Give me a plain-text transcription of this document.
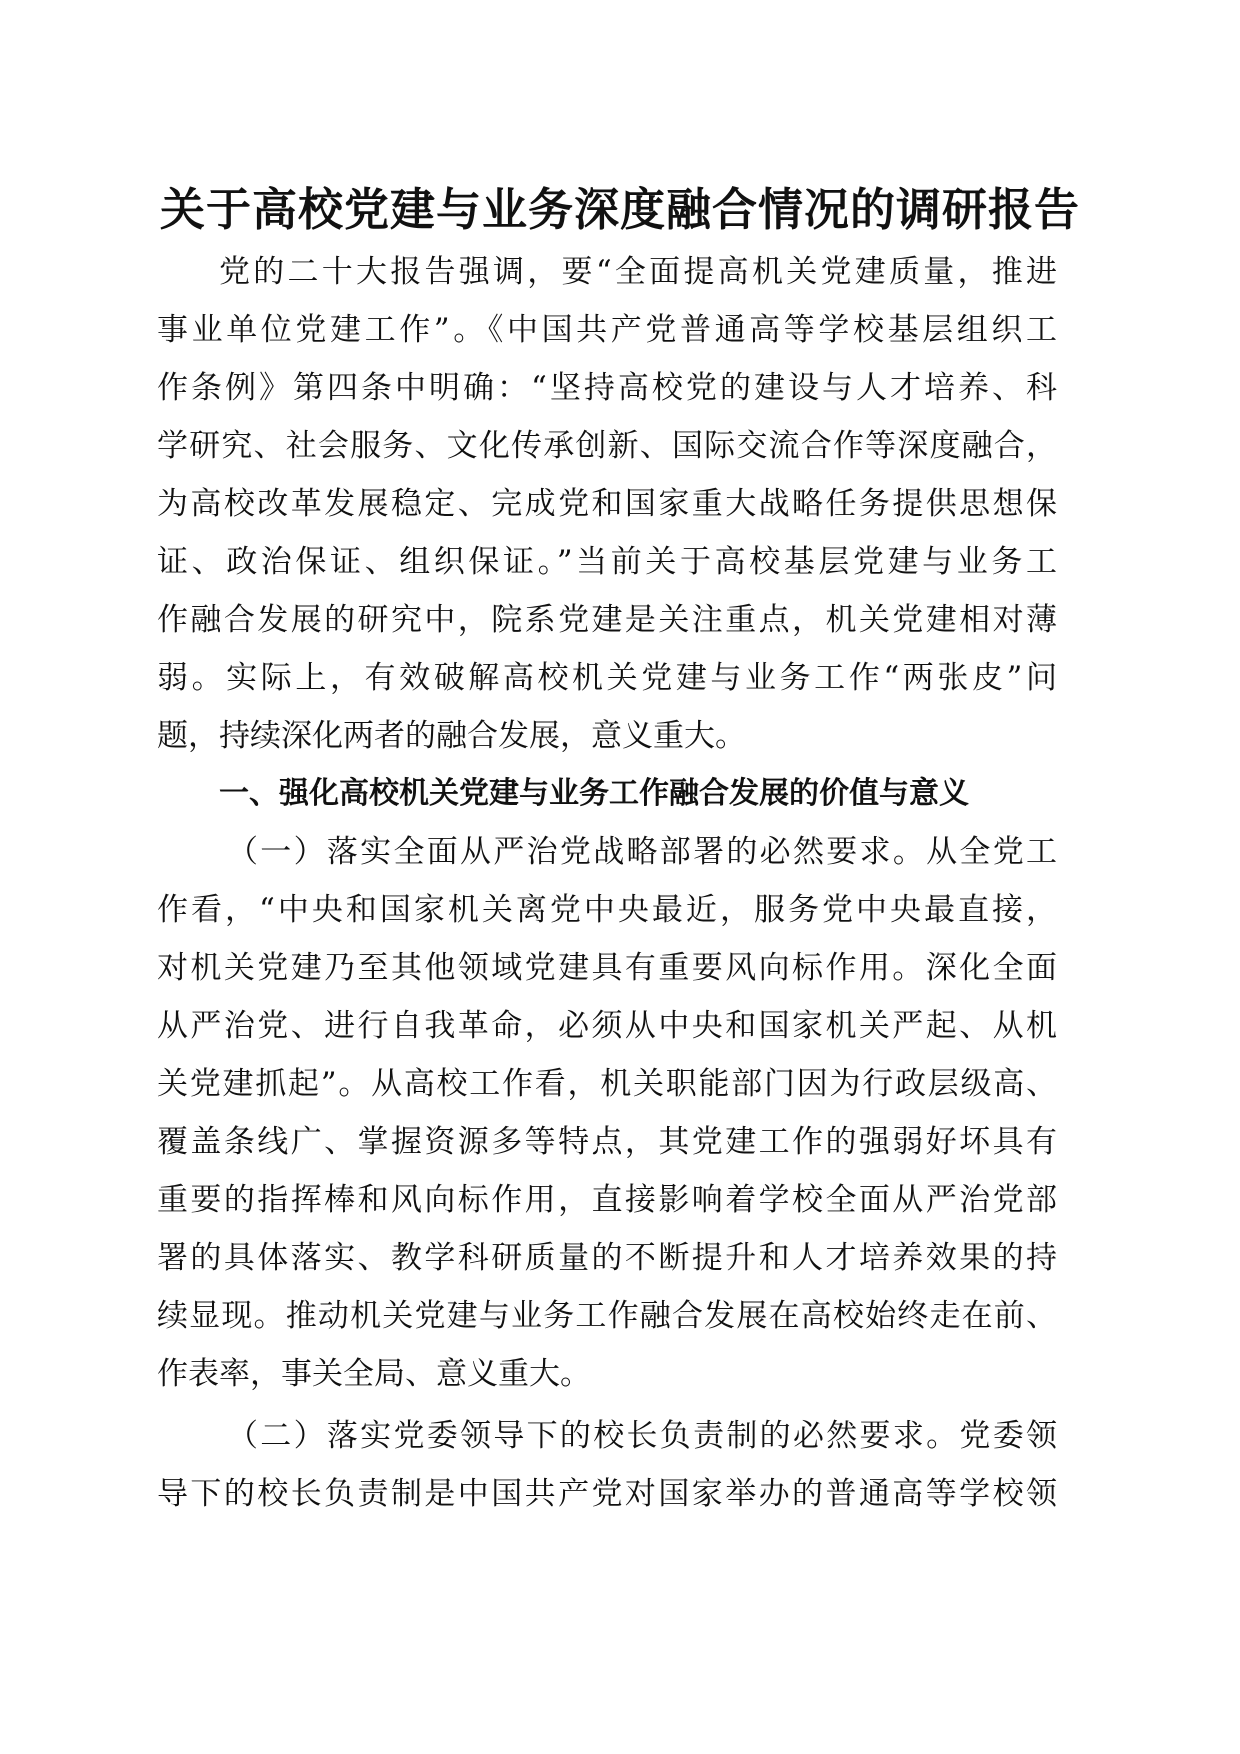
关于高校党建与业务深度融合情况的调研报告
党的二十大报告强调，要“全面提高机关党建质量，推进
事业单位党建工作”。《中国共产党普通高等学校基层组织工
作条例》第四条中明确：“坚持高校党的建设与人才培养、科
学研究、社会服务、文化传承创新、国际交流合作等深度融合，
为高校改革发展稳定、完成党和国家重大战略任务提供思想保
证、政治保证、组织保证。”当前关于高校基层党建与业务工
作融合发展的研究中，院系党建是关注重点，机关党建相对薄
弱。实际上，有效破解高校机关党建与业务工作“两张皮”问
题，持续深化两者的融合发展，意义重大。
一、强化高校机关党建与业务工作融合发展的价值与意义
（一）落实全面从严治党战略部署的必然要求。从全党工
作看，“中央和国家机关离党中央最近，服务党中央最直接，
对机关党建乃至其他领域党建具有重要风向标作用。深化全面
从严治党、进行自我革命，必须从中央和国家机关严起、从机
关党建抓起”。从高校工作看，机关职能部门因为行政层级高、
覆盖条线广、掌握资源多等特点，其党建工作的强弱好坏具有
重要的指挥棒和风向标作用，直接影响着学校全面从严治党部
署的具体落实、教学科研质量的不断提升和人才培养效果的持
续显现。推动机关党建与业务工作融合发展在高校始终走在前、
作表率，事关全局、意义重大。
（二）落实党委领导下的校长负责制的必然要求。党委领
导下的校长负责制是中国共产党对国家举办的普通高等学校领
